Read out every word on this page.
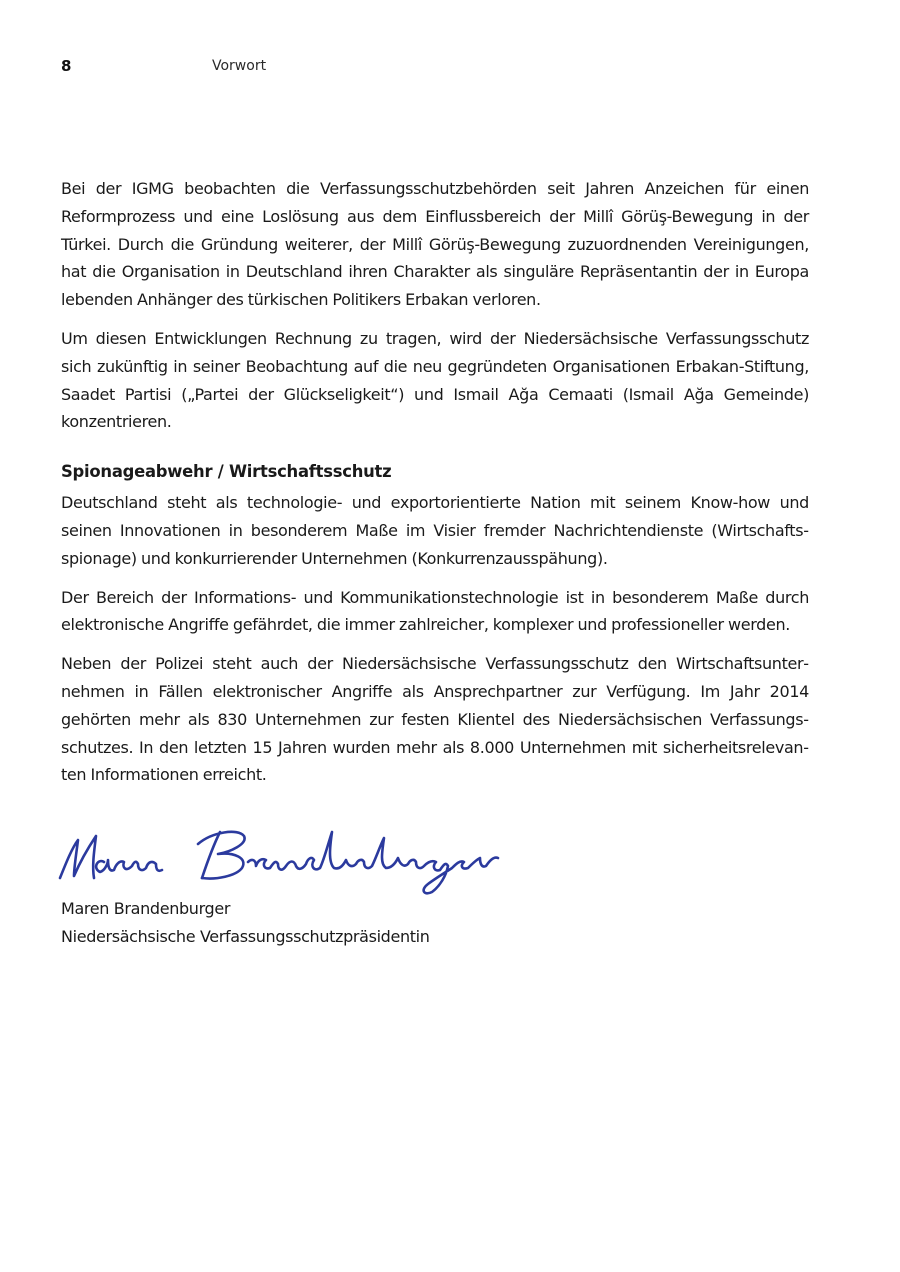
8	Vorwort

Bei der IGMG beobachten die Verfassungsschutzbehörden seit Jahren Anzeichen für einen Reformprozess und eine Loslösung aus dem Einflussbereich der Millî Görüş-Bewegung in der Türkei. Durch die Gründung weiterer, der Millî Görüş-Bewegung zuzuordnenden Vereinigungen, hat die Organisation in Deutschland ihren Charakter als singuläre Repräsentantin der in Europa lebenden Anhänger des türkischen Politikers Erbakan verloren.

Um diesen Entwicklungen Rechnung zu tragen, wird der Niedersächsische Verfassungsschutz sich zukünftig in seiner Beobachtung auf die neu gegründeten Organisationen Erbakan-Stiftung, Saadet Partisi („Partei der Glückseligkeit“) und Ismail Ağa Cemaati (Ismail Ağa Gemeinde) konzentrieren.

Spionageabwehr / Wirtschaftsschutz

Deutschland steht als technologie- und exportorientierte Nation mit seinem Know-how und seinen Innovationen in besonderem Maße im Visier fremder Nachrichtendienste (Wirtschaftsspionage) und konkurrierender Unternehmen (Konkurrenzausspähung).

Der Bereich der Informations- und Kommunikationstechnologie ist in besonderem Maße durch elektronische Angriffe gefährdet, die immer zahlreicher, komplexer und professioneller werden.

Neben der Polizei steht auch der Niedersächsische Verfassungsschutz den Wirtschaftsunternehmen in Fällen elektronischer Angriffe als Ansprechpartner zur Verfügung. Im Jahr 2014 gehörten mehr als 830 Unternehmen zur festen Klientel des Niedersächsischen Verfassungsschutzes. In den letzten 15 Jahren wurden mehr als 8.000 Unternehmen mit sicherheitsrelevanten Informationen erreicht.

Maren Brandenburger
Niedersächsische Verfassungsschutzpräsidentin
